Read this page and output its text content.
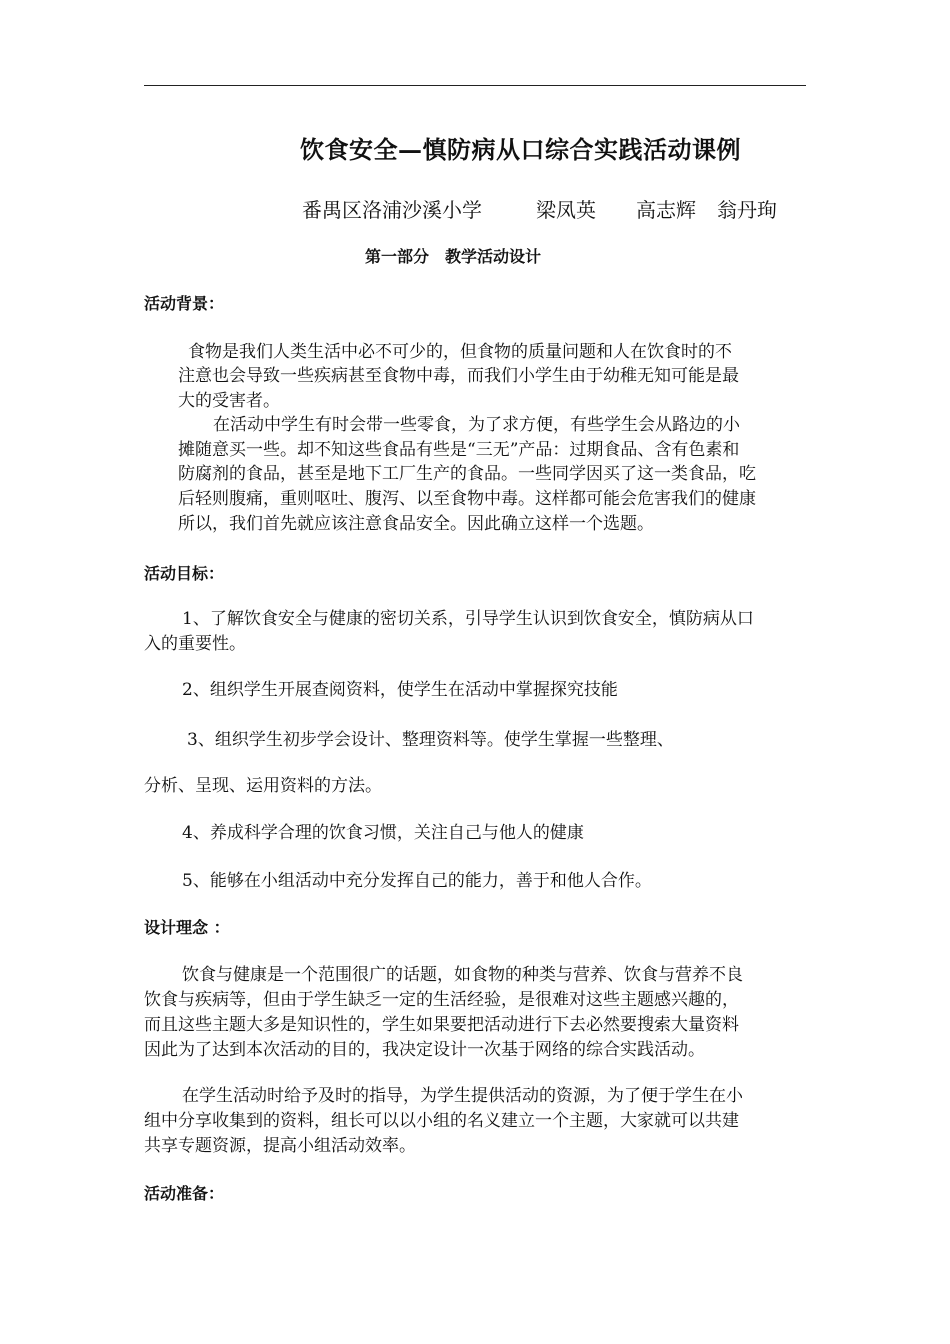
饮食安全—慎防病从口综合实践活动课例
番禺区洛浦沙溪小学	梁凤英 高志辉 翁丹珣
第一部分　教学活动设计
活动背景：

食物是我们人类生活中必不可少的，但食物的质量问题和人在饮食时的不

注意也会导致一些疾病甚至食物中毒，而我们小学生由于幼稚无知可能是最

大的受害者。

在活动中学生有时会带一些零食，为了求方便，有些学生会从路边的小

摊随意买一些。却不知这些食品有些是“三无”产品：过期食品、含有色素和

防腐剂的食品，甚至是地下工厂生产的食品。一些同学因买了这一类食品，吃

后轻则腹痛，重则呕吐、腹泻、以至食物中毒。这样都可能会危害我们的健康

所以，我们首先就应该注意食品安全。因此确立这样一个选题。

活动目标：

1、了解饮食安全与健康的密切关系，引导学生认识到饮食安全，慎防病从口

入的重要性。

2、组织学生开展查阅资料，使学生在活动中掌握探究技能

3、组织学生初步学会设计、整理资料等。使学生掌握一些整理、

分析、呈现、运用资料的方法。

4、养成科学合理的饮食习惯，关注自己与他人的健康

5、能够在小组活动中充分发挥自己的能力，善于和他人合作。

设计理念 ：

饮食与健康是一个范围很广的话题，如食物的种类与营养、饮食与营养不良

饮食与疾病等，但由于学生缺乏一定的生活经验，是很难对这些主题感兴趣的，

而且这些主题大多是知识性的，学生如果要把活动进行下去必然要搜索大量资料

因此为了达到本次活动的目的，我决定设计一次基于网络的综合实践活动。

在学生活动时给予及时的指导，为学生提供活动的资源，为了便于学生在小

组中分享收集到的资料，组长可以以小组的名义建立一个主题，大家就可以共建

共享专题资源，提高小组活动效率。

活动准备：
